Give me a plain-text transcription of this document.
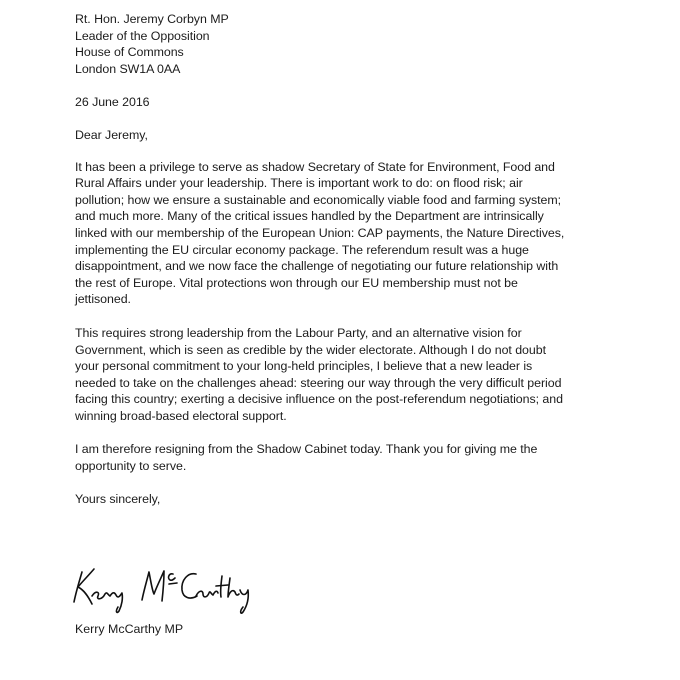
Rt. Hon. Jeremy Corbyn MP
Leader of the Opposition
House of Commons
London SW1A 0AA
26 June 2016
Dear Jeremy,
It has been a privilege to serve as shadow Secretary of State for Environment, Food and
Rural Affairs under your leadership. There is important work to do: on flood risk; air
pollution; how we ensure a sustainable and economically viable food and farming system;
and much more. Many of the critical issues handled by the Department are intrinsically
linked with our membership of the European Union: CAP payments, the Nature Directives,
implementing the EU circular economy package. The referendum result was a huge
disappointment, and we now face the challenge of negotiating our future relationship with
the rest of Europe. Vital protections won through our EU membership must not be
jettisoned.
This requires strong leadership from the Labour Party, and an alternative vision for
Government, which is seen as credible by the wider electorate. Although I do not doubt
your personal commitment to your long-held principles, I believe that a new leader is
needed to take on the challenges ahead: steering our way through the very difficult period
facing this country; exerting a decisive influence on the post-referendum negotiations; and
winning broad-based electoral support.
I am therefore resigning from the Shadow Cabinet today. Thank you for giving me the
opportunity to serve.
Yours sincerely,
Kerry McCarthy MP
